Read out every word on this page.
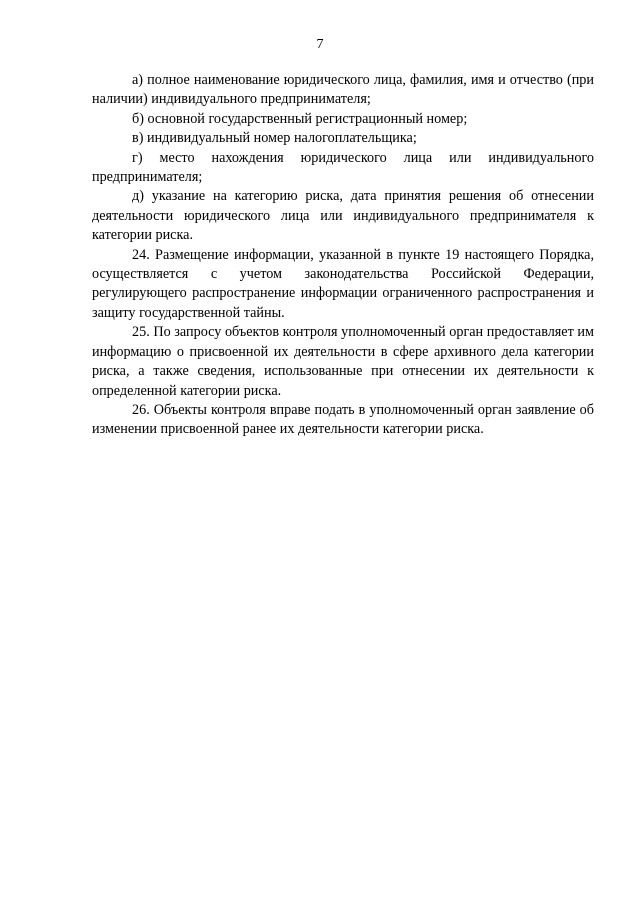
7

а) полное наименование юридического лица, фамилия, имя и отчество (при наличии) индивидуального предпринимателя;

б) основной государственный регистрационный номер;

в) индивидуальный номер налогоплательщика;

г) место нахождения юридического лица или индивидуального предпринимателя;

д) указание на категорию риска, дата принятия решения об отнесении деятельности юридического лица или индивидуального предпринимателя к категории риска.

24. Размещение информации, указанной в пункте 19 настоящего Порядка, осуществляется с учетом законодательства Российской Федерации, регулирующего распространение информации ограниченного распространения и защиту государственной тайны.

25. По запросу объектов контроля уполномоченный орган предоставляет им информацию о присвоенной их деятельности в сфере архивного дела категории риска, а также сведения, использованные при отнесении их деятельности к определенной категории риска.

26. Объекты контроля вправе подать в уполномоченный орган заявление об изменении присвоенной ранее их деятельности категории риска.
